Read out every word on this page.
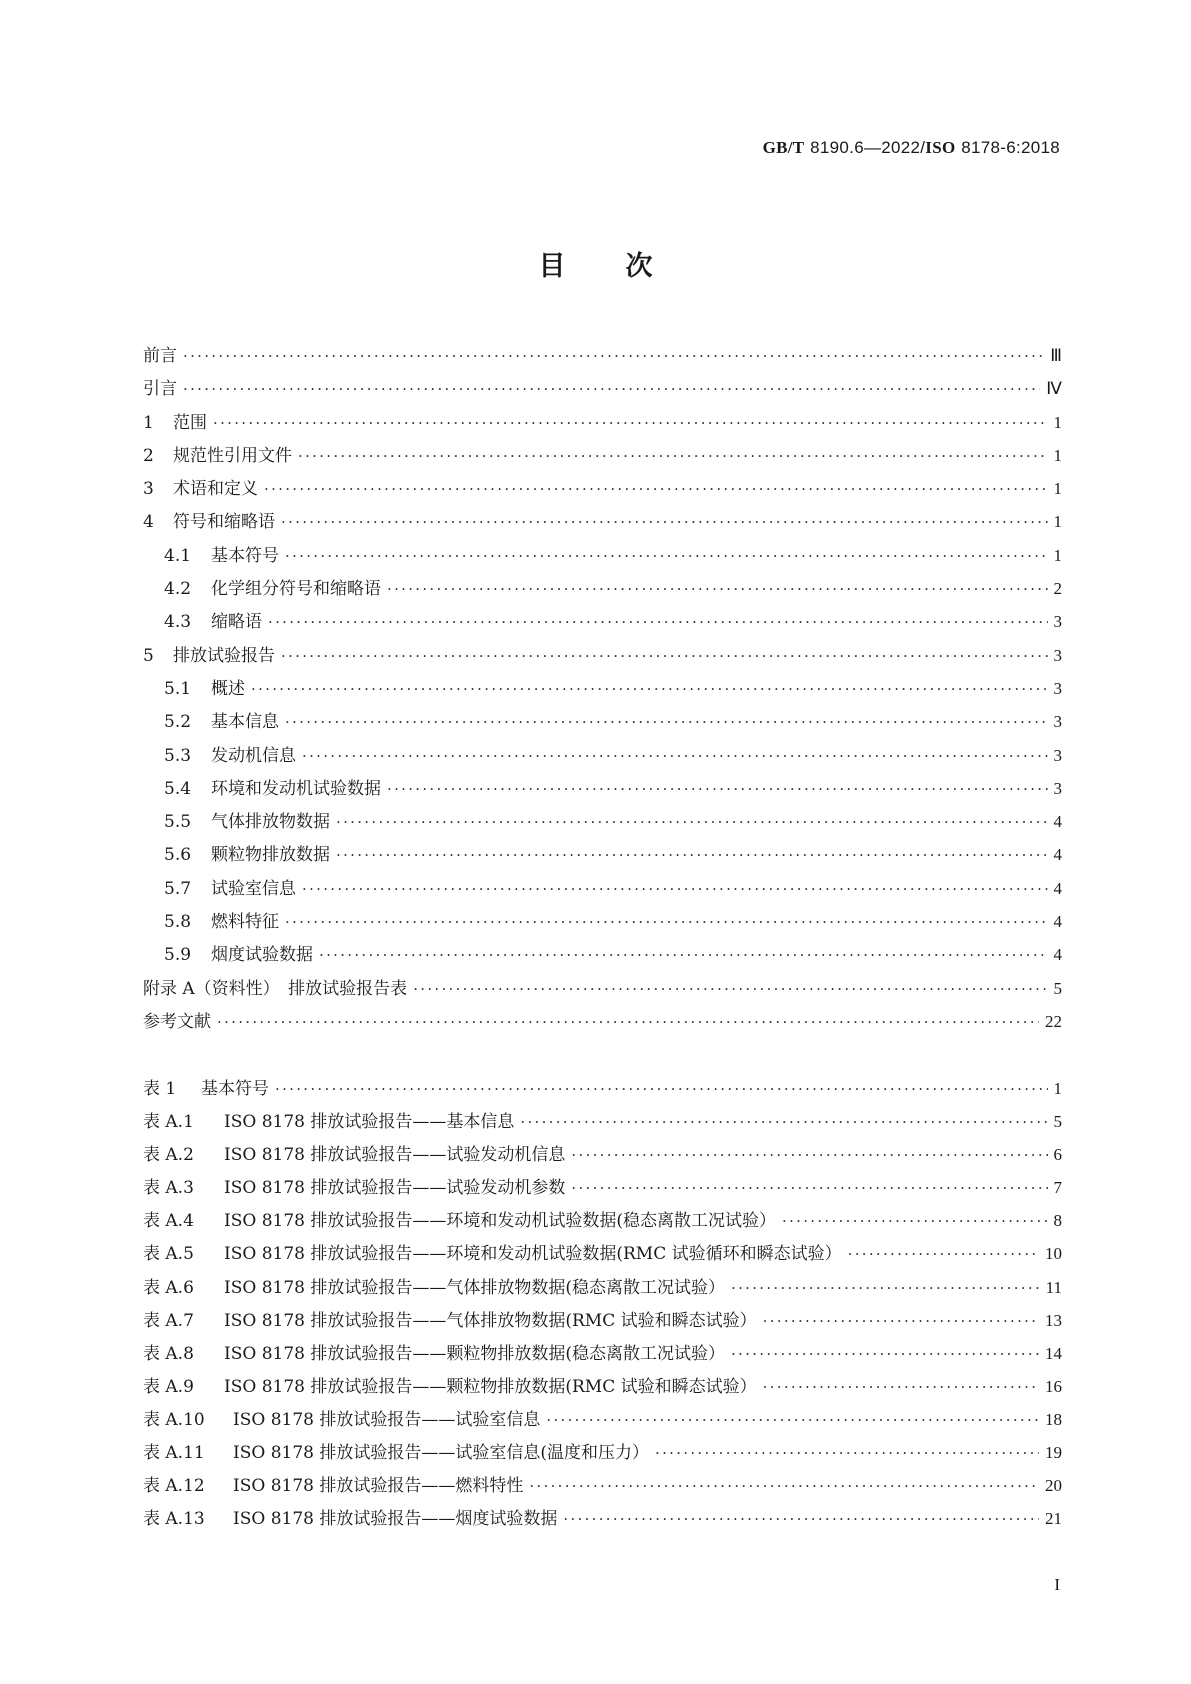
GB/T 8190.6—2022/ISO 8178-6:2018
目次
前言 ·····	Ⅲ
引言 ·····	Ⅳ
1	范围 ·····	1
2	规范性引用文件 ·····	1
3	术语和定义 ·····	1
4	符号和缩略语 ·····	1
4.1	基本符号 ·····	1
4.2	化学组分符号和缩略语 ·····	2
4.3	缩略语 ·····	3
5	排放试验报告 ·····	3
5.1	概述 ·····	3
5.2	基本信息 ·····	3
5.3	发动机信息 ·····	3
5.4	环境和发动机试验数据 ·····	3
5.5	气体排放物数据 ·····	4
5.6	颗粒物排放数据 ·····	4
5.7	试验室信息 ·····	4
5.8	燃料特征 ·····	4
5.9	烟度试验数据 ·····	4
附录 A（资料性）　排放试验报告表 ·····	5
参考文献 ·····	22
表 1	基本符号 ·····	1
表 A.1	ISO 8178 排放试验报告——基本信息 ·····	5
表 A.2	ISO 8178 排放试验报告——试验发动机信息 ·····	6
表 A.3	ISO 8178 排放试验报告——试验发动机参数 ·····	7
表 A.4	ISO 8178 排放试验报告——环境和发动机试验数据(稳态离散工况试验） ·····	8
表 A.5	ISO 8178 排放试验报告——环境和发动机试验数据(RMC 试验循环和瞬态试验） ·····	10
表 A.6	ISO 8178 排放试验报告——气体排放物数据(稳态离散工况试验） ·····	11
表 A.7	ISO 8178 排放试验报告——气体排放物数据(RMC 试验和瞬态试验） ·····	13
表 A.8	ISO 8178 排放试验报告——颗粒物排放数据(稳态离散工况试验） ·····	14
表 A.9	ISO 8178 排放试验报告——颗粒物排放数据(RMC 试验和瞬态试验） ·····	16
表 A.10	ISO 8178 排放试验报告——试验室信息 ·····	18
表 A.11	ISO 8178 排放试验报告——试验室信息(温度和压力） ·····	19
表 A.12	ISO 8178 排放试验报告——燃料特性 ·····	20
表 A.13	ISO 8178 排放试验报告——烟度试验数据 ·····	21
I
